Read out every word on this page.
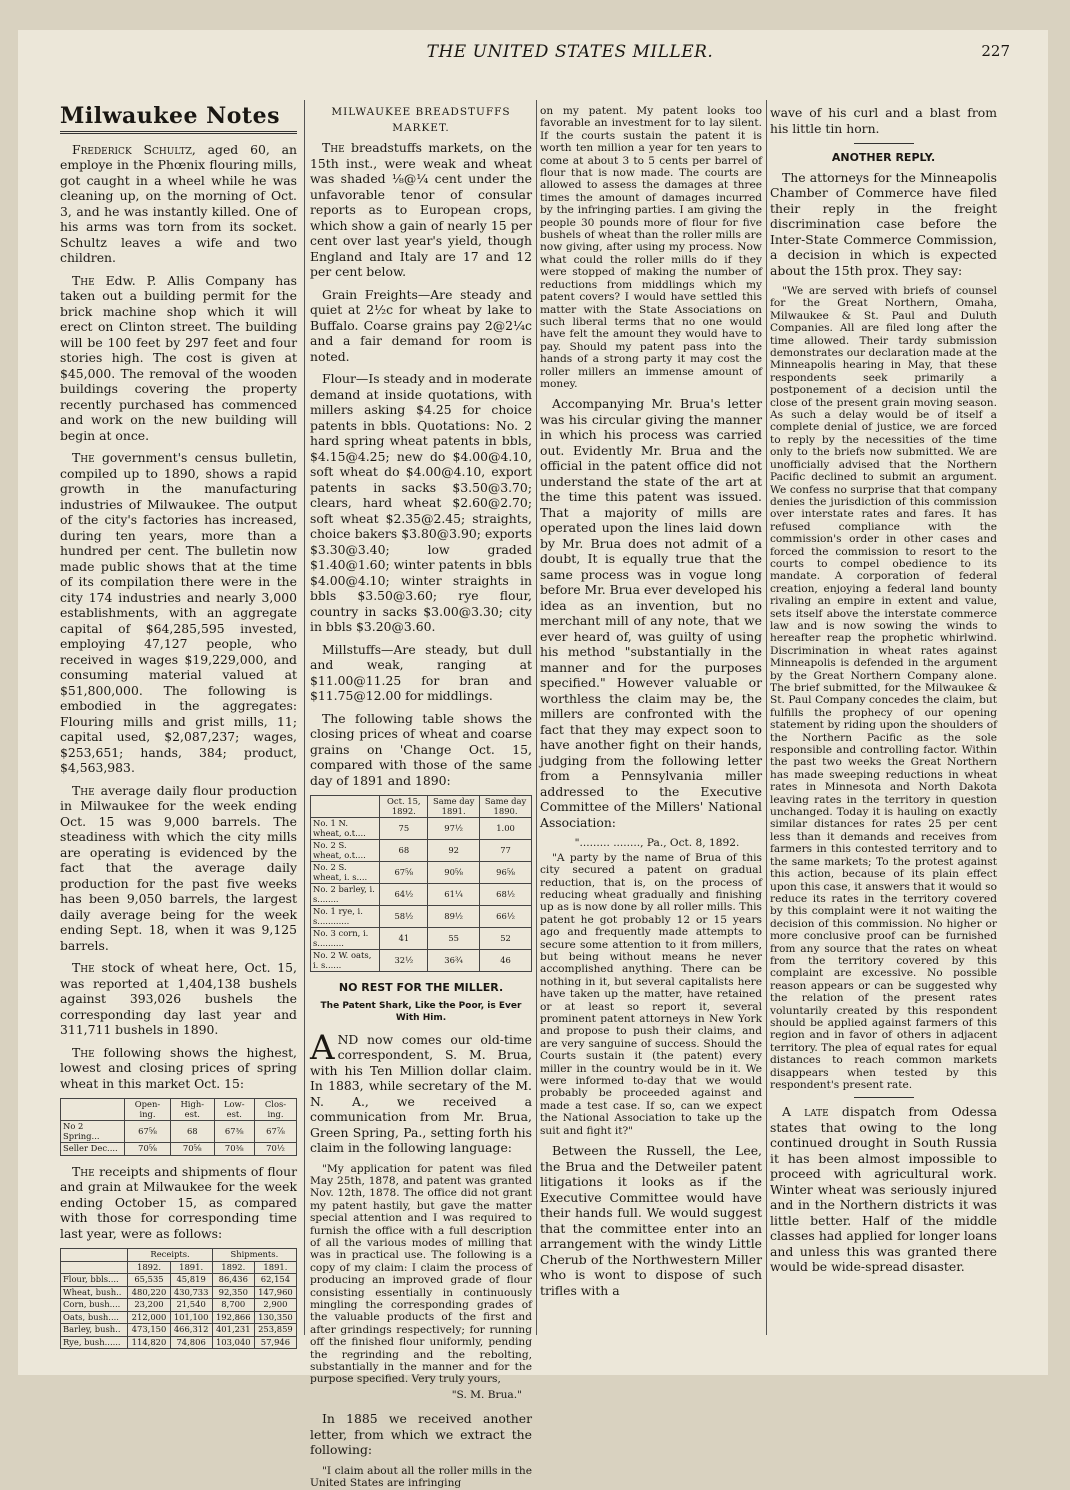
THE UNITED STATES MILLER.	227
Milwaukee Notes

Frederick Schultz, aged 60, an employe in the Phœnix flouring mills, got caught in a wheel while he was cleaning up, on the morning of Oct. 3, and he was instantly killed. One of his arms was torn from its socket. Schultz leaves a wife and two children.

The Edw. P. Allis Company has taken out a building permit for the brick machine shop which it will erect on Clinton street. The building will be 100 feet by 297 feet and four stories high. The cost is given at $45,000. The removal of the wooden buildings covering the property recently purchased has commenced and work on the new building will begin at once.

The government's census bulletin, compiled up to 1890, shows a rapid growth in the manufacturing industries of Milwaukee. The output of the city's factories has increased, during ten years, more than a hundred per cent. The bulletin now made public shows that at the time of its compilation there were in the city 174 industries and nearly 3,000 establishments, with an aggregate capital of $64,285,595 invested, employing 47,127 people, who received in wages $19,229,000, and consuming material valued at $51,800,000. The following is embodied in the aggregates: Flouring mills and grist mills, 11; capital used, $2,087,237; wages, $253,651; hands, 384; product, $4,563,983.

The average daily flour production in Milwaukee for the week ending Oct. 15 was 9,000 barrels. The steadiness with which the city mills are operating is evidenced by the fact that the average daily production for the past five weeks has been 9,050 barrels, the largest daily average being for the week ending Sept. 18, when it was 9,125 barrels.

The stock of wheat here, Oct. 15, was reported at 1,404,138 bushels against 393,026 bushels the corresponding day last year and 311,711 bushels in 1890.

The following shows the highest, lowest and closing prices of spring wheat in this market Oct. 15:

	Open-ing.	High-est.	Low-est.	Clos-ing.
No 2 Spring...	67⅝	68	67⅜	67⅞
Seller Dec....	70⅝	70⅝	70⅜	70½

The receipts and shipments of flour and grain at Milwaukee for the week ending October 15, as compared with those for corresponding time last year, were as follows:

	Receipts.		Shipments.	
	1892.	1891.	1892.	1891.
Flour, bbls....	65,535	45,819	86,436	62,154
Wheat, bush..	480,220	430,733	92,350	147,960
Corn, bush....	23,200	21,540	8,700	2,900
Oats, bush....	212,000	101,100	192,866	130,350
Barley, bush..	473,150	466,312	401,231	253,859
Rye, bush......	114,820	74,806	103,040	57,946
MILWAUKEE BREADSTUFFS MARKET.

The breadstuffs markets, on the 15th inst., were weak and wheat was shaded ⅛@¼ cent under the unfavorable tenor of consular reports as to European crops, which show a gain of nearly 15 per cent over last year's yield, though England and Italy are 17 and 12 per cent below.

Grain Freights—Are steady and quiet at 2½c for wheat by lake to Buffalo. Coarse grains pay 2@2¼c and a fair demand for room is noted.

Flour—Is steady and in moderate demand at inside quotations, with millers asking $4.25 for choice patents in bbls. Quotations: No. 2 hard spring wheat patents in bbls, $4.15@4.25; new do $4.00@4.10, soft wheat do $4.00@4.10, export patents in sacks $3.50@3.70; clears, hard wheat $2.60@2.70; soft wheat $2.35@2.45; straights, choice bakers $3.80@3.90; exports $3.30@3.40; low graded $1.40@1.60; winter patents in bbls $4.00@4.10; winter straights in bbls $3.50@3.60; rye flour, country in sacks $3.00@3.30; city in bbls $3.20@3.60.

Millstuffs—Are steady, but dull and weak, ranging at $11.00@11.25 for bran and $11.75@12.00 for middlings.

The following table shows the closing prices of wheat and coarse grains on 'Change Oct. 15, compared with those of the same day of 1891 and 1890:

	Oct. 15, 1892.	Same day 1891.	Same day 1890.
No. 1 N. wheat, o.t....	75	97½	1.00
No. 2 S. wheat, o.t....	68	92	77
No. 2 S. wheat, i. s....	67⅝	90⅝	96⅝
No. 2 barley, i. s........	64½	61¼	68½
No. 1 rye, i. s............	58½	89½	66½
No. 3 corn, i. s..........	41	55	52
No. 2 W. oats, i. s......	32½	36¾	46
NO REST FOR THE MILLER.
The Patent Shark, Like the Poor, is Ever With Him.

AND now comes our old-time correspondent, S. M. Brua, with his Ten Million dollar claim. In 1883, while secretary of the M. N. A., we received a communication from Mr. Brua, Green Spring, Pa., setting forth his claim in the following language:

"My application for patent was filed May 25th, 1878, and patent was granted Nov. 12th, 1878. The office did not grant my patent hastily, but gave the matter special attention and I was required to furnish the office with a full description of all the various modes of milling that was in practical use. The following is a copy of my claim: I claim the process of producing an improved grade of flour consisting essentially in continuously mingling the corresponding grades of the valuable products of the first and after grindings respectively; for running off the finished flour uniformly, pending the regrinding and the rebolting, substantially in the manner and for the purpose specified. Very truly yours,

"S. M. Brua."

In 1885 we received another letter, from which we extract the following:

"I claim about all the roller mills in the United States are infringing

on my patent. My patent looks too favorable an investment for to lay silent. If the courts sustain the patent it is worth ten million a year for ten years to come at about 3 to 5 cents per barrel of flour that is now made. The courts are allowed to assess the damages at three times the amount of damages incurred by the infringing parties. I am giving the people 30 pounds more of flour for five bushels of wheat than the roller mills are now giving, after using my process. Now what could the roller mills do if they were stopped of making the number of reductions from middlings which my patent covers? I would have settled this matter with the State Associations on such liberal terms that no one would have felt the amount they would have to pay. Should my patent pass into the hands of a strong party it may cost the roller millers an immense amount of money.

Accompanying Mr. Brua's letter was his circular giving the manner in which his process was carried out. Evidently Mr. Brua and the official in the patent office did not understand the state of the art at the time this patent was issued. That a majority of mills are operated upon the lines laid down by Mr. Brua does not admit of a doubt, It is equally true that the same process was in vogue long before Mr. Brua ever developed his idea as an invention, but no merchant mill of any note, that we ever heard of, was guilty of using his method "substantially in the manner and for the purposes specified." However valuable or worthless the claim may be, the millers are confronted with the fact that they may expect soon to have another fight on their hands, judging from the following letter from a Pennsylvania miller addressed to the Executive Committee of the Millers' National Association:

"......... ........, Pa., Oct. 8, 1892.

"A party by the name of Brua of this city secured a patent on gradual reduction, that is, on the process of reducing wheat gradually and finishing up as is now done by all roller mills. This patent he got probably 12 or 15 years ago and frequently made attempts to secure some attention to it from millers, but being without means he never accomplished anything. There can be nothing in it, but several capitalists here have taken up the matter, have retained or at least so report it, several prominent patent attorneys in New York and propose to push their claims, and are very sanguine of success. Should the Courts sustain it (the patent) every miller in the country would be in it. We were informed to-day that we would probably be proceeded against and made a test case. If so, can we expect the National Association to take up the suit and fight it?"

Between the Russell, the Lee, the Brua and the Detweiler patent litigations it looks as if the Executive Committee would have their hands full. We would suggest that the committee enter into an arrangement with the windy Little Cherub of the Northwestern Miller who is wont to dispose of such trifles with a

wave of his curl and a blast from his little tin horn.

ANOTHER REPLY.

The attorneys for the Minneapolis Chamber of Commerce have filed their reply in the freight discrimination case before the Inter-State Commerce Commission, a decision in which is expected about the 15th prox. They say:

"We are served with briefs of counsel for the Great Northern, Omaha, Milwaukee & St. Paul and Duluth Companies. All are filed long after the time allowed. Their tardy submission demonstrates our declaration made at the Minneapolis hearing in May, that these respondents seek primarily a postponement of a decision until the close of the present grain moving season. As such a delay would be of itself a complete denial of justice, we are forced to reply by the necessities of the time only to the briefs now submitted. We are unofficially advised that the Northern Pacific declined to submit an argument. We confess no surprise that that company denies the jurisdiction of this commission over interstate rates and fares. It has refused compliance with the commission's order in other cases and forced the commission to resort to the courts to compel obedience to its mandate. A corporation of federal creation, enjoying a federal land bounty rivaling an empire in extent and value, sets itself above the interstate commerce law and is now sowing the winds to hereafter reap the prophetic whirlwind. Discrimination in wheat rates against Minneapolis is defended in the argument by the Great Northern Company alone. The brief submitted, for the Milwaukee & St. Paul Company concedes the claim, but fulfills the prophecy of our opening statement by riding upon the shoulders of the Northern Pacific as the sole responsible and controlling factor. Within the past two weeks the Great Northern has made sweeping reductions in wheat rates in Minnesota and North Dakota leaving rates in the territory in question unchanged. Today it is hauling on exactly similar distances for rates 25 per cent less than it demands and receives from farmers in this contested territory and to the same markets; To the protest against this action, because of its plain effect upon this case, it answers that it would so reduce its rates in the territory covered by this complaint were it not waiting the decision of this commission. No higher or more conclusive proof can be furnished from any source that the rates on wheat from the territory covered by this complaint are excessive. No possible reason appears or can be suggested why the relation of the present rates voluntarily created by this respondent should be applied against farmers of this region and in favor of others in adjacent territory. The plea of equal rates for equal distances to reach common markets disappears when tested by this respondent's present rate.

A late dispatch from Odessa states that owing to the long continued drought in South Russia it has been almost impossible to proceed with agricultural work. Winter wheat was seriously injured and in the Northern districts it was little better. Half of the middle classes had applied for longer loans and unless this was granted there would be wide-spread disaster.
